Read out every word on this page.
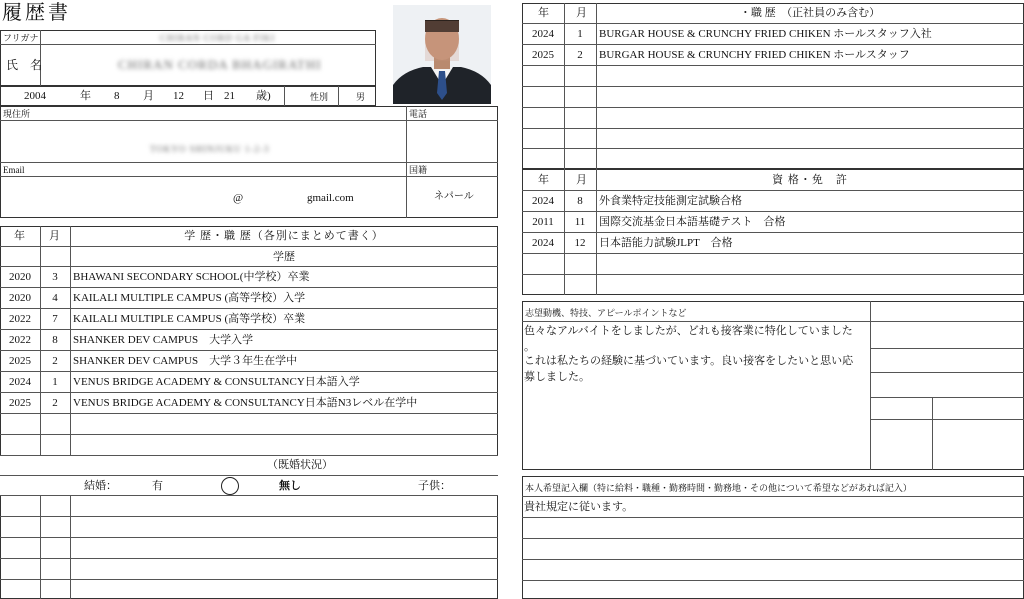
履歴書
フリガナ	CHIRAN CORD GA FIKI
氏　名	CHIRAN CORDA BHAGIRATHI
2004	年 8 月 12 日 21 歳)	性別	男
現住所
TOKYO SHINJUKU 1-2-3
電話
Email
@	gmail.com
国籍
ネパール
年 月	学 歴・職 歴（各別にまとめて書く）
学歴
2020	3	BHAWANI SECONDARY SCHOOL(中学校）卒業
2020	4	KAILALI MULTIPLE CAMPUS (高等学校）入学
2022	7	KAILALI MULTIPLE CAMPUS (高等学校）卒業
2022	8	SHANKER DEV CAMPUS　大学入学
2025	2	SHANKER DEV CAMPUS　大学３年生在学中
2024	1	VENUS BRIDGE ACADEMY & CONSULTANCY日本語入学
2025	2	VENUS BRIDGE ACADEMY & CONSULTANCY日本語N3レベル在学中
（既婚状況）
結婚：	有	無し	子供：
年 月	・職 歴　（正社員のみ含む）
2024	1	BURGAR HOUSE & CRUNCHY FRIED CHIKEN ホールスタッフ入社
2025	2	BURGAR HOUSE & CRUNCHY FRIED CHIKEN ホールスタッフ
年 月	資 格・免　許
2024	8	外食業特定技能測定試験合格
2011	11	国際交流基金日本語基礎テスト　合格
2024	12	日本語能力試験JLPT　合格
志望動機、特技、アピールポイントなど
色々なアルバイトをしましたが、どれも接客業に特化していました
。
これは私たちの経験に基づいています。良い接客をしたいと思い応
募しました。
本人希望記入欄（特に給料・職種・勤務時間・勤務地・その他について希望などがあれば記入）
貴社規定に従います。
